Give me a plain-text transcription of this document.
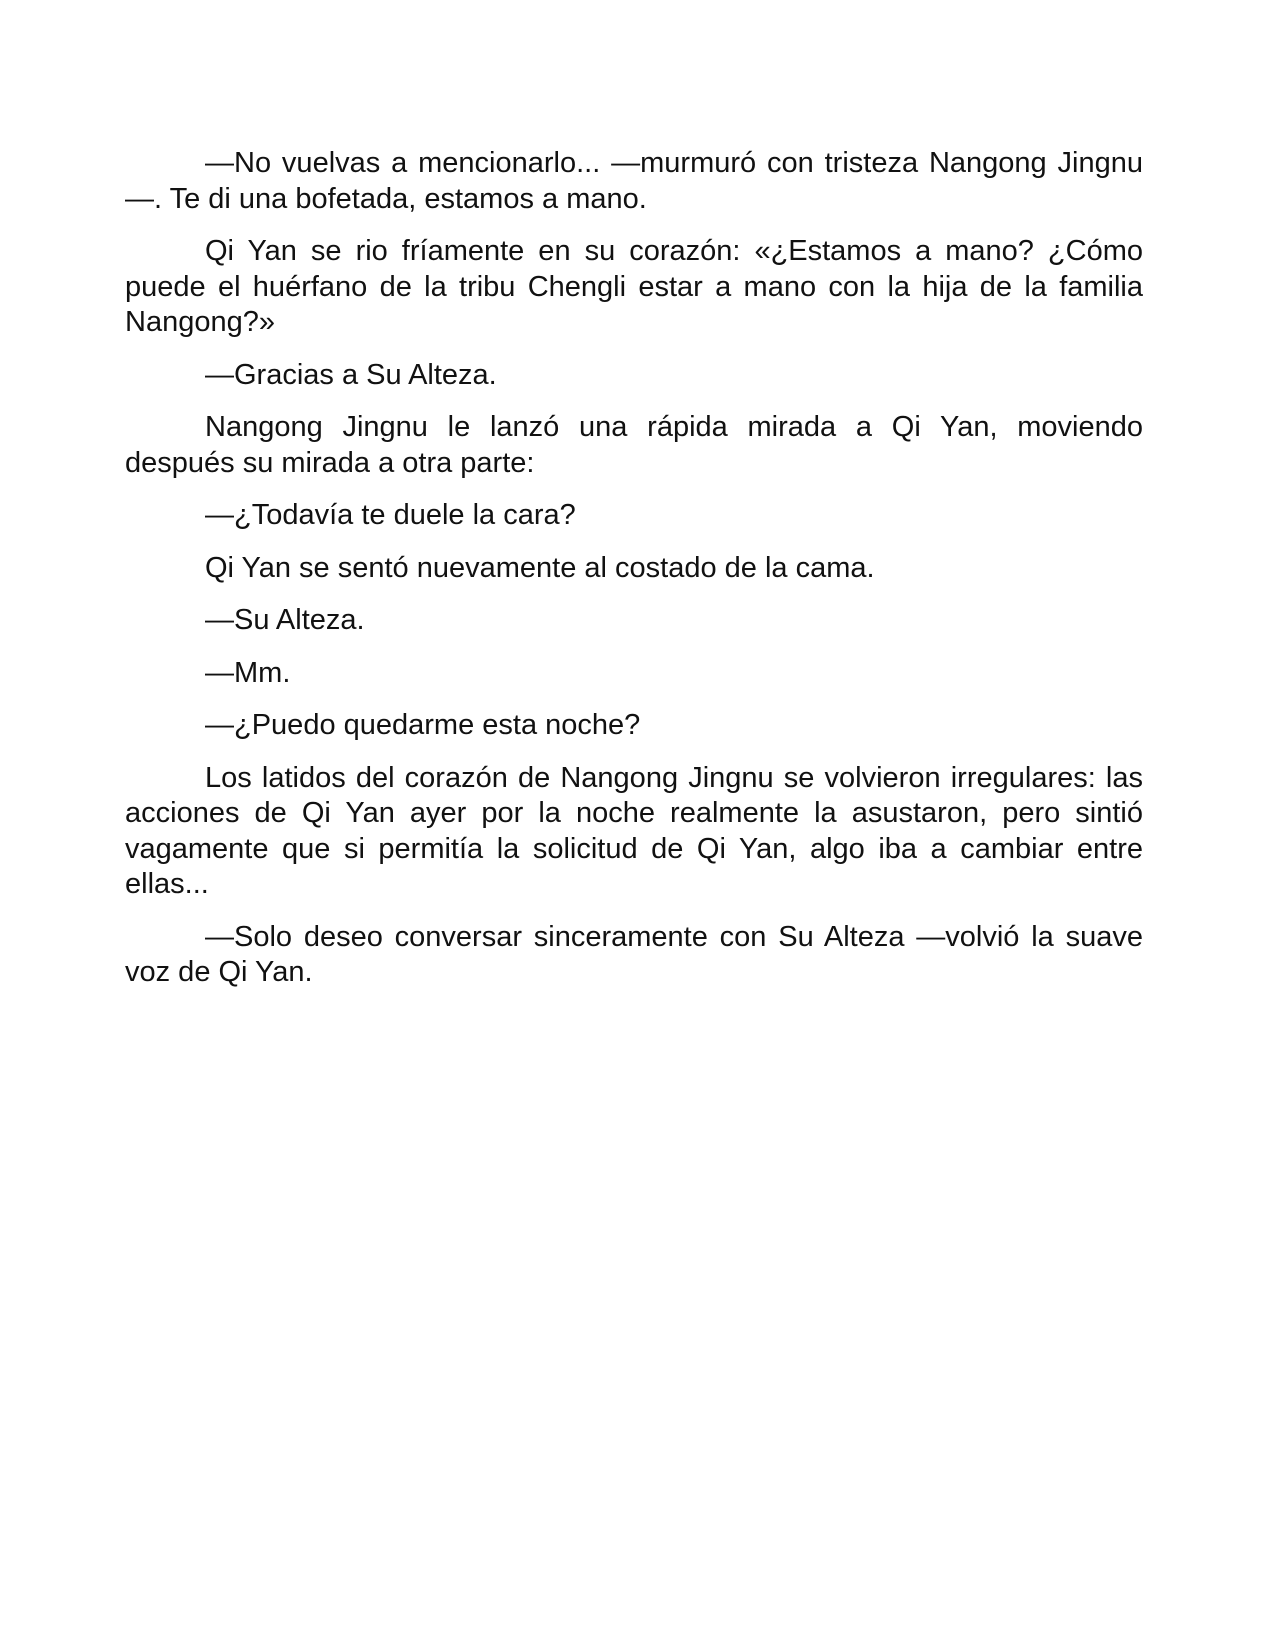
—No vuelvas a mencionarlo... —murmuró con tristeza Nangong Jingnu—. Te di una bofetada, estamos a mano.

Qi Yan se rio fríamente en su corazón: «¿Estamos a mano? ¿Cómo puede el huérfano de la tribu Chengli estar a mano con la hija de la familia Nangong?»

—Gracias a Su Alteza.

Nangong Jingnu le lanzó una rápida mirada a Qi Yan, moviendo después su mirada a otra parte:

—¿Todavía te duele la cara?

Qi Yan se sentó nuevamente al costado de la cama.

—Su Alteza.

—Mm.

—¿Puedo quedarme esta noche?

Los latidos del corazón de Nangong Jingnu se volvieron irregulares: las acciones de Qi Yan ayer por la noche realmente la asustaron, pero sintió vagamente que si permitía la solicitud de Qi Yan, algo iba a cambiar entre ellas...

—Solo deseo conversar sinceramente con Su Alteza —volvió la suave voz de Qi Yan.
